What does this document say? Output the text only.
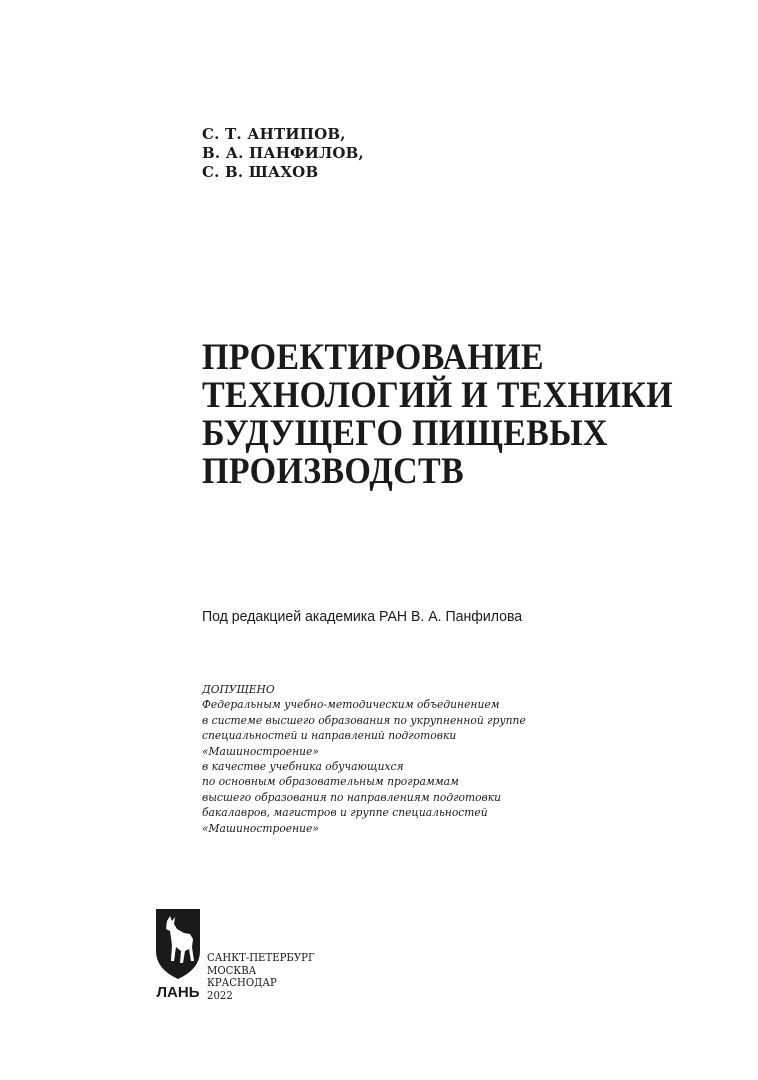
С. Т. АНТИПОВ,
В. А. ПАНФИЛОВ,
С. В. ШАХОВ
ПРОЕКТИРОВАНИЕ
ТЕХНОЛОГИЙ И ТЕХНИКИ
БУДУЩЕГО ПИЩЕВЫХ
ПРОИЗВОДСТВ
Под редакцией академика РАН В. А. Панфилова
ДОПУЩЕНО
Федеральным учебно-методическим объединением
в системе высшего образования по укрупненной группе
специальностей и направлений подготовки
«Машиностроение»
в качестве учебника обучающихся
по основным образовательным программам
высшего образования по направлениям подготовки
бакалавров, магистров и группе специальностей
«Машиностроение»
ЛАНЬ
САНКТ-ПЕТЕРБУРГ
МОСКВА
КРАСНОДАР
2022
